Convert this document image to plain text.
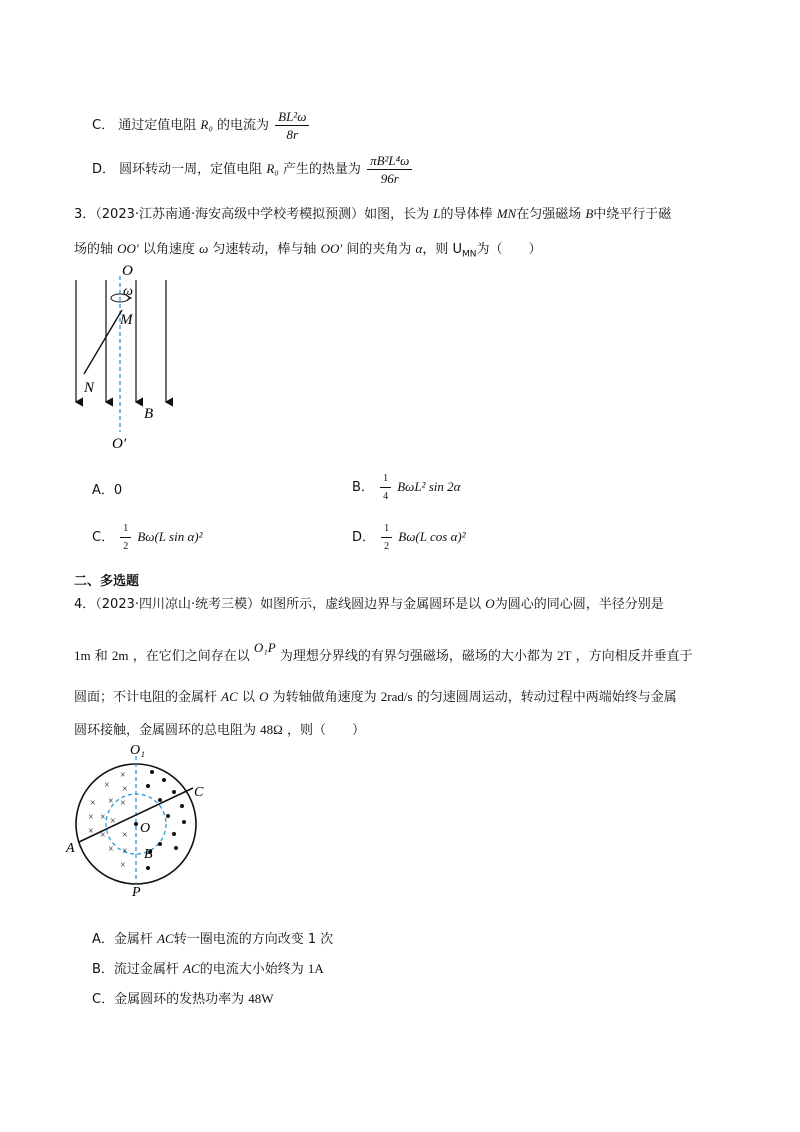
C． 通过定值电阻 R₀ 的电流为 $\frac{\text{BL²ω}}{8r}$
D． 圆环转动一周，定值电阻 R₀ 产生的热量为 $\frac{\text{πB²L⁴ω}}{96r}$
3．（2023·江苏南通·海安高级中学校考模拟预测）如图，长为 L的导体棒 MN在匀强磁场 B中绕平行于磁
场的轴 OO′ 以角速度 ω 匀速转动，棒与轴 OO′ 间的夹角为 α，则 $U_{MN}$为（　　）
O
ω
M
N
B
O′
A．0	B． $\frac{1}{4} B\omega L^2$ sin 2α
C． $\frac{1}{2} B\omega(L$ sin α)²	D． $\frac{1}{2} B\omega(L$ cos α)²
二、多选题
4．（2023·四川凉山·统考三模）如图所示，虚线圆边界与金属圆环是以 O为圆心的同心圆，半径分别是
1m 和 2m ，在它们之间存在以 O₁P 为理想分界线的有界匀强磁场，磁场的大小都为 2T ，方向相反并垂直于
圆面；不计电阻的金属杆 AC 以 O 为转轴做角速度为 2rad/s 的匀速圆周运动，转动过程中两端始终与金属
圆环接触，金属圆环的总电阻为 48Ω ，则（　　）
×
× ×
× × ×
× × ×
× × ×
× ×
×
O₁
C
O
A	B
P
A．金属杆 AC转一圈电流的方向改变 1 次
B．流过金属杆 AC的电流大小始终为 1A
C．金属圆环的发热功率为 48W
